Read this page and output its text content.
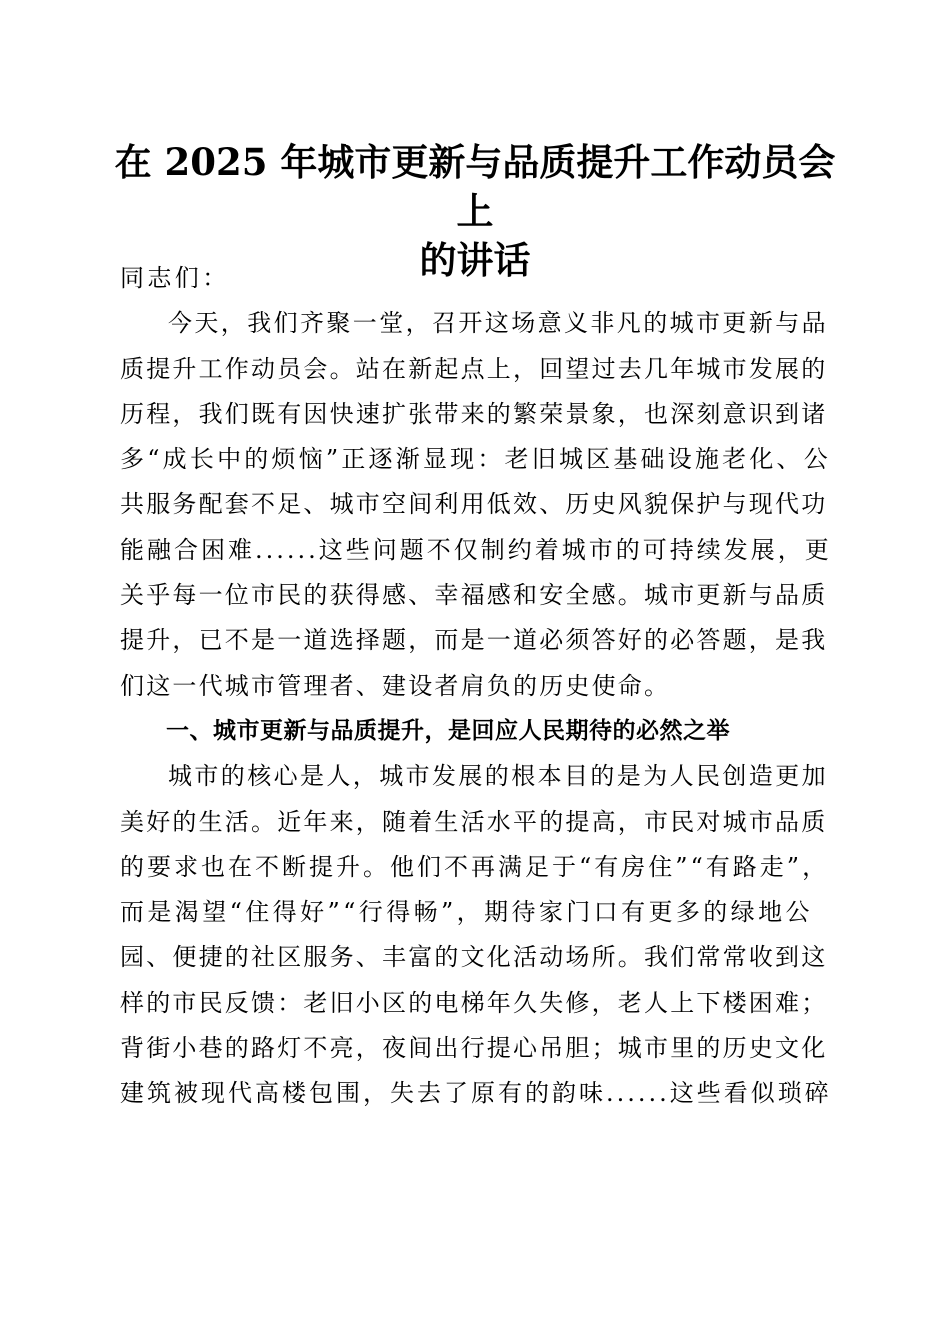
在 2025 年城市更新与品质提升工作动员会上
的讲话
同志们：
今天，我们齐聚一堂，召开这场意义非凡的城市更新与品
质提升工作动员会。站在新起点上，回望过去几年城市发展的
历程，我们既有因快速扩张带来的繁荣景象，也深刻意识到诸
多“成长中的烦恼”正逐渐显现：老旧城区基础设施老化、公
共服务配套不足、城市空间利用低效、历史风貌保护与现代功
能融合困难......这些问题不仅制约着城市的可持续发展，更
关乎每一位市民的获得感、幸福感和安全感。城市更新与品质
提升，已不是一道选择题，而是一道必须答好的必答题，是我
们这一代城市管理者、建设者肩负的历史使命。
一、城市更新与品质提升，是回应人民期待的必然之举
城市的核心是人，城市发展的根本目的是为人民创造更加
美好的生活。近年来，随着生活水平的提高，市民对城市品质
的要求也在不断提升。他们不再满足于“有房住”“有路走”，
而是渴望“住得好”“行得畅”，期待家门口有更多的绿地公
园、便捷的社区服务、丰富的文化活动场所。我们常常收到这
样的市民反馈：老旧小区的电梯年久失修，老人上下楼困难；
背街小巷的路灯不亮，夜间出行提心吊胆；城市里的历史文化
建筑被现代高楼包围，失去了原有的韵味......这些看似琐碎
